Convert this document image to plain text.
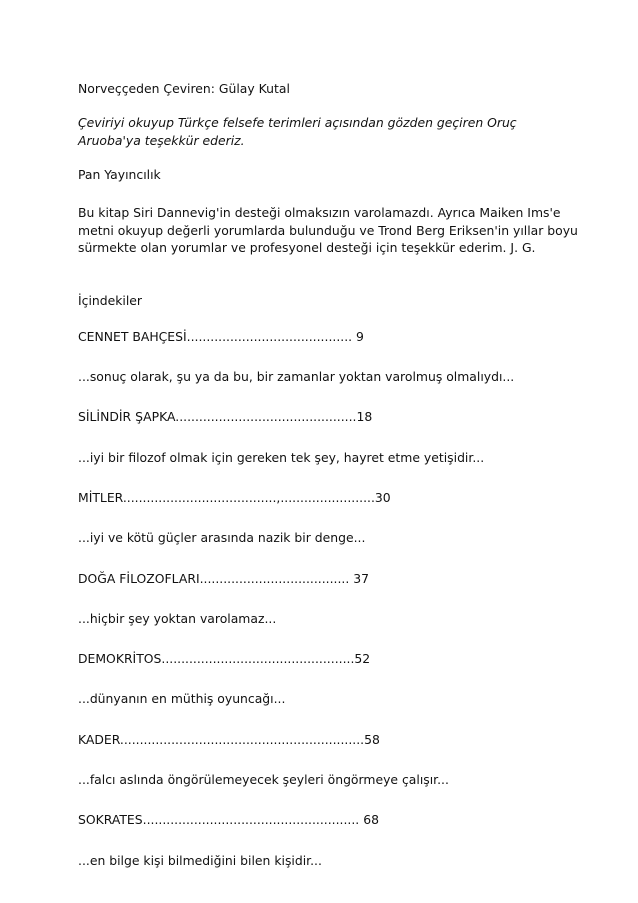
Norveççeden Çeviren: Gülay Kutal
Çeviriyi okuyup Türkçe felsefe terimleri açısından gözden geçiren Oruç
Aruoba'ya teşekkür ederiz.
Pan Yayıncılık
Bu kitap Siri Dannevig'in desteği olmaksızın varolamazdı. Ayrıca Maiken Ims'e
metni okuyup değerli yorumlarda bulunduğu ve Trond Berg Eriksen'in yıllar boyu
sürmekte olan yorumlar ve profesyonel desteği için teşekkür ederim. J. G.
İçindekiler
CENNET BAHÇESİ.......................................... 9
...sonuç olarak, şu ya da bu, bir zamanlar yoktan varolmuş olmalıydı...
SİLİNDİR ŞAPKA..............................................18
...iyi bir filozof olmak için gereken tek şey, hayret etme yetişidir...
MİTLER.......................................,........................30
...iyi ve kötü güçler arasında nazik bir denge...
DOĞA FİLOZOFLARI...................................... 37
...hiçbir şey yoktan varolamaz...
DEMOKRİTOS.................................................52
...dünyanın en müthiş oyuncağı...
KADER..............................................................58
...falcı aslında öngörülemeyecek şeyleri öngörmeye çalışır...
SOKRATES....................................................... 68
...en bilge kişi bilmediğini bilen kişidir...
